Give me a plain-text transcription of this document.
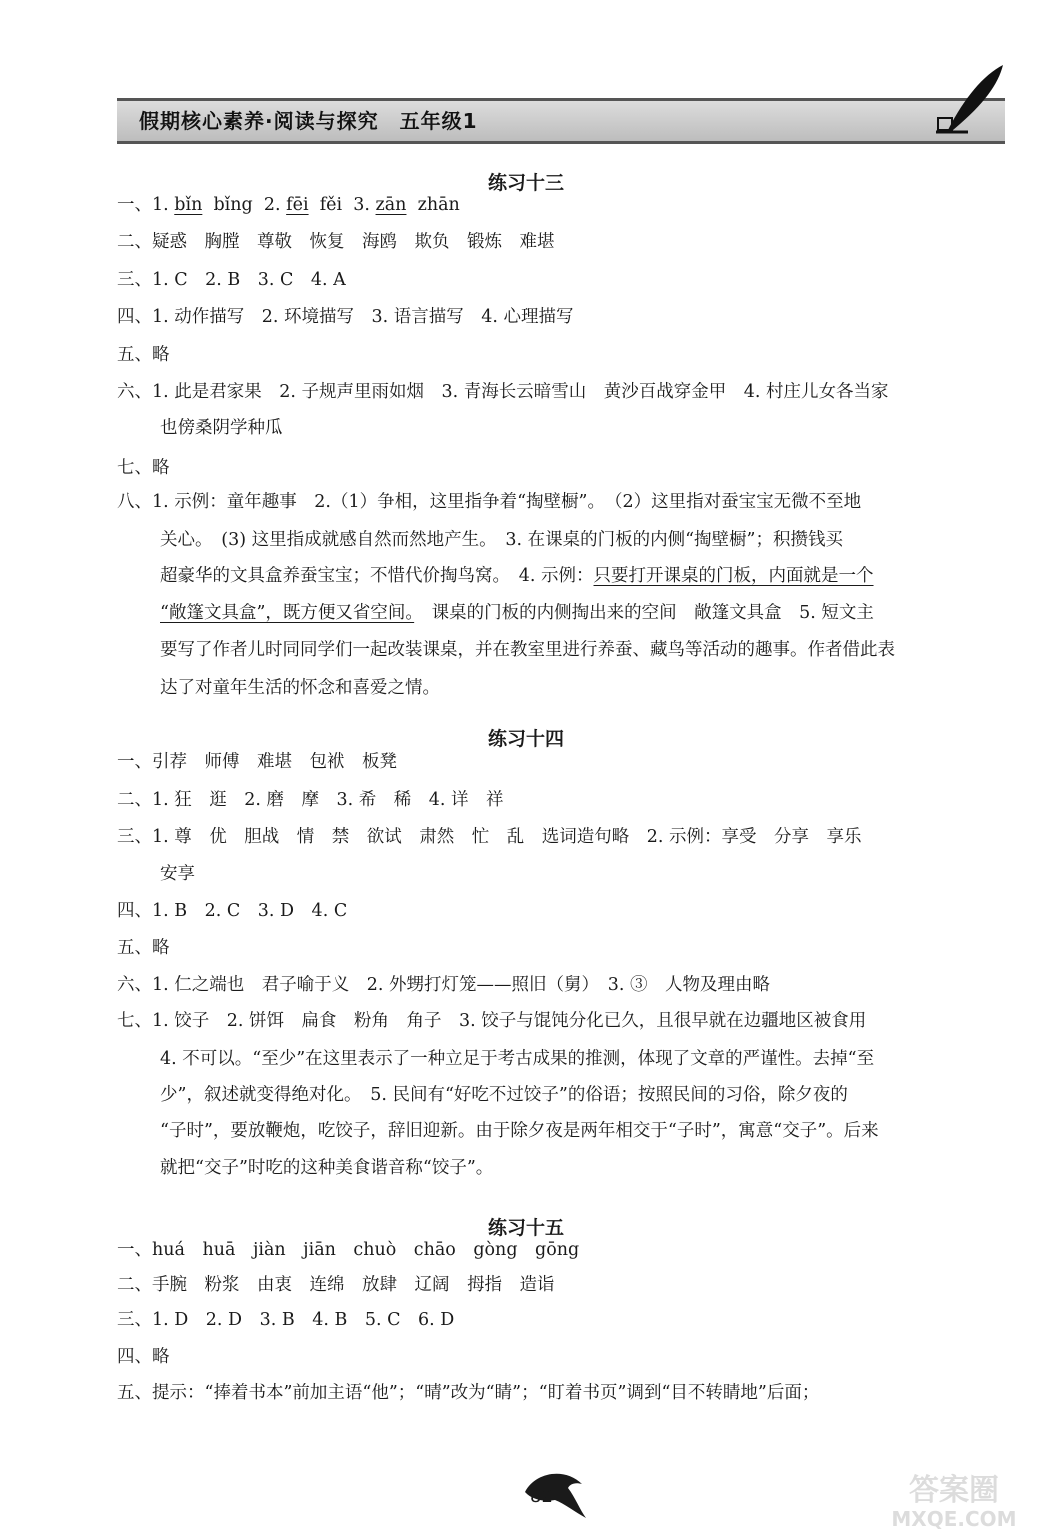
假期核心素养·阅读与探究　五年级1
练习十三
一、1. bǐn  bǐng  2. fēi  fěi  3. zān  zhān
二、疑惑　胸膛　尊敬　恢复　海鸥　欺负　锻炼　难堪
三、1. C　2. B　3. C　4. A
四、1. 动作描写　2. 环境描写　3. 语言描写　4. 心理描写
五、略
六、1. 此是君家果　2. 子规声里雨如烟　3. 青海长云暗雪山　黄沙百战穿金甲　4. 村庄儿女各当家
也傍桑阴学种瓜
七、略
八、1. 示例：童年趣事　2.（1）争相，这里指争着“掏壁橱”。　（2）这里指对蚕宝宝无微不至地
关心。　(3) 这里指成就感自然而然地产生。　3. 在课桌的门板的内侧“掏壁橱”；积攒钱买
超豪华的文具盒养蚕宝宝；不惜代价掏鸟窝。　4. 示例：只要打开课桌的门板，内面就是一个
“敞篷文具盒”，既方便又省空间。　课桌的门板的内侧掏出来的空间　敞篷文具盒　5. 短文主
要写了作者儿时同同学们一起改装课桌，并在教室里进行养蚕、藏鸟等活动的趣事。作者借此表
达了对童年生活的怀念和喜爱之情。
练习十四
一、引荐　师傅　难堪　包袱　板凳
二、1. 狂　逛　2. 磨　摩　3. 希　稀　4. 详　祥
三、1. 尊　优　胆战　情　禁　欲试　肃然　忙　乱　选词造句略　2. 示例：享受　分享　享乐
安享
四、1. B　2. C　3. D　4. C
五、略
六、1. 仁之端也　君子喻于义　2. 外甥打灯笼——照旧（舅）　3. ③　人物及理由略
七、1. 饺子　2. 饼饵　扁食　粉角　角子　3. 饺子与馄饨分化已久，且很早就在边疆地区被食用
4. 不可以。“至少”在这里表示了一种立足于考古成果的推测，体现了文章的严谨性。去掉“至
少”，叙述就变得绝对化。　5. 民间有“好吃不过饺子”的俗语；按照民间的习俗，除夕夜的
“子时”，要放鞭炮，吃饺子，辞旧迎新。由于除夕夜是两年相交于“子时”，寓意“交子”。后来
就把“交子”时吃的这种美食谐音称“饺子”。
练习十五
一、huá　huā　jiàn　jiān　chuò　chāo　gòng　gōng
二、手腕　粉浆　由衷　连绵　放肆　辽阔　拇指　造诣
三、1. D　2. D　3. B　4. B　5. C　6. D
四、略
五、提示：“捧着书本”前加主语“他”；“晴”改为“睛”；“盯着书页”调到“目不转睛地”后面；
82	答案圈
MXQE.COM
